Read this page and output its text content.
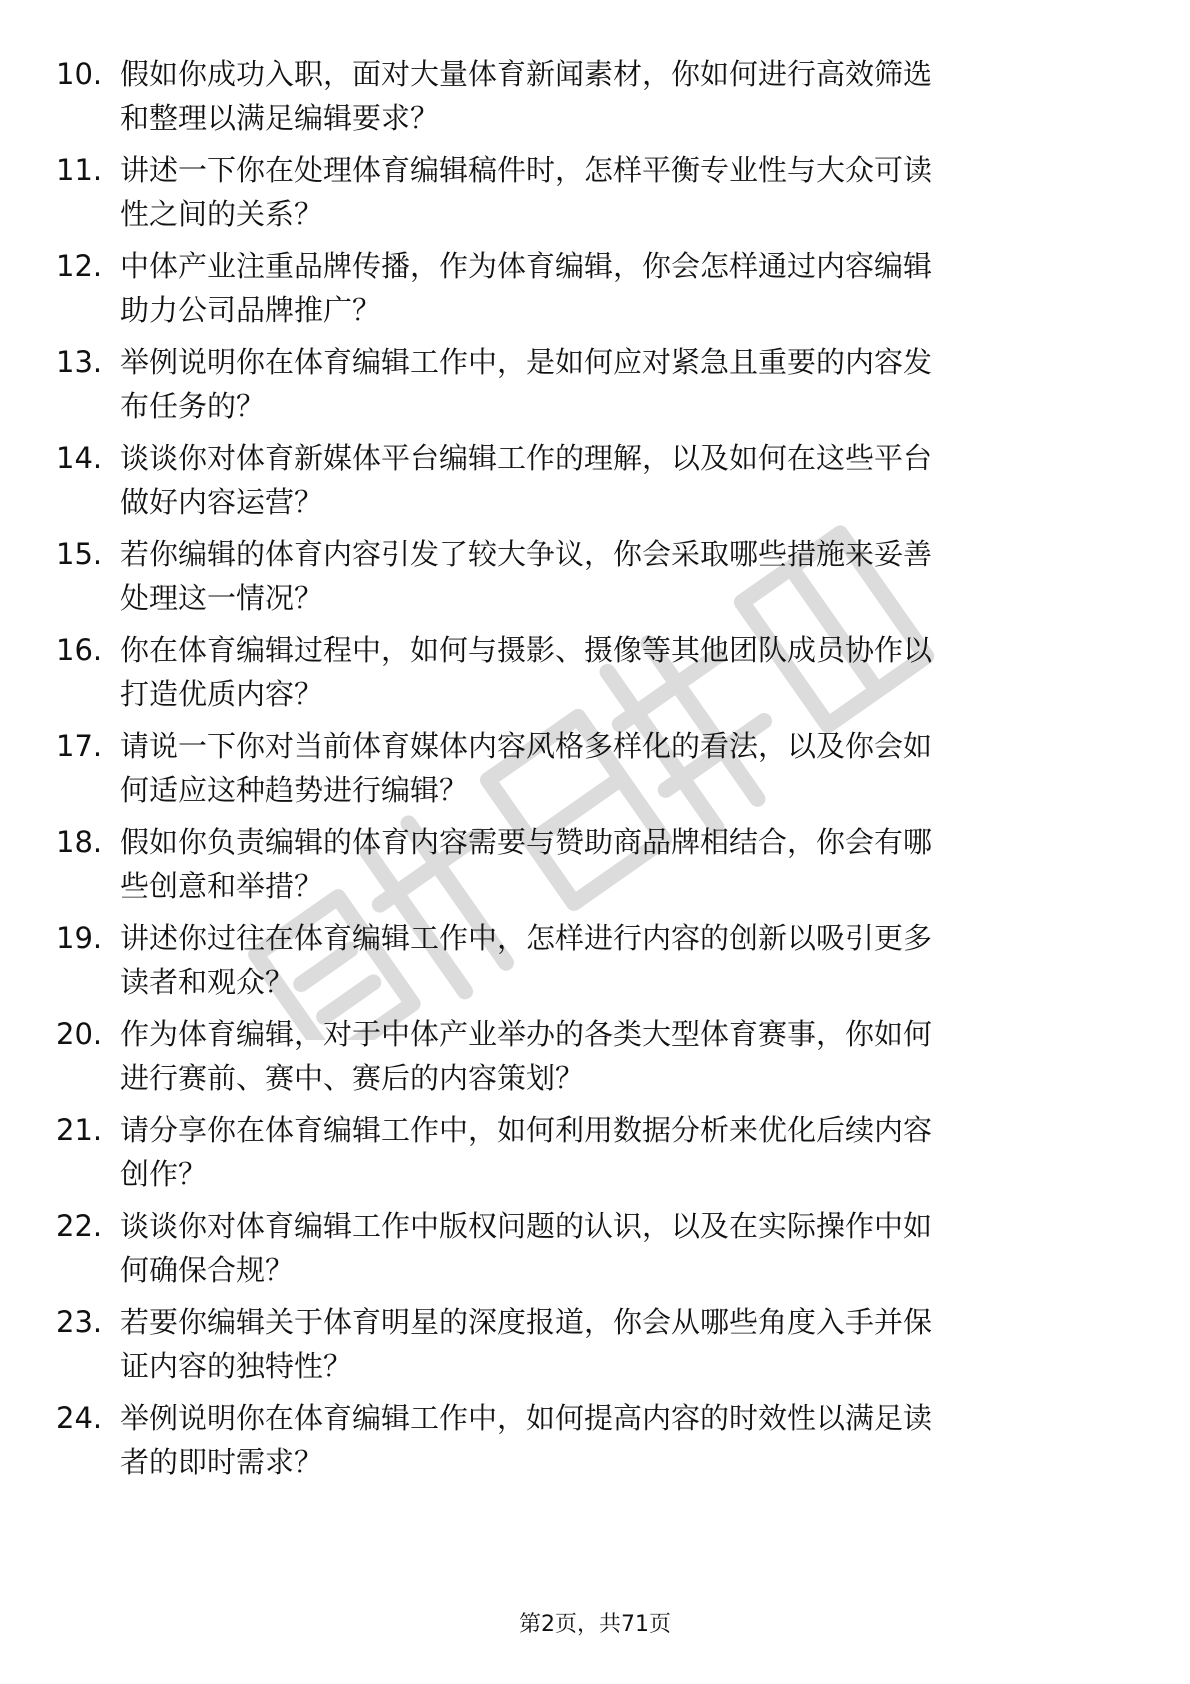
10. 假如你成功入职，面对大量体育新闻素材，你如何进行高效筛选
和整理以满足编辑要求？
11. 讲述一下你在处理体育编辑稿件时，怎样平衡专业性与大众可读
性之间的关系？
12. 中体产业注重品牌传播，作为体育编辑，你会怎样通过内容编辑
助力公司品牌推广？
13. 举例说明你在体育编辑工作中，是如何应对紧急且重要的内容发
布任务的？
14. 谈谈你对体育新媒体平台编辑工作的理解，以及如何在这些平台
做好内容运营？
15. 若你编辑的体育内容引发了较大争议，你会采取哪些措施来妥善
处理这一情况？
16. 你在体育编辑过程中，如何与摄影、摄像等其他团队成员协作以
打造优质内容？
17. 请说一下你对当前体育媒体内容风格多样化的看法，以及你会如
何适应这种趋势进行编辑？
18. 假如你负责编辑的体育内容需要与赞助商品牌相结合，你会有哪
些创意和举措？
19. 讲述你过往在体育编辑工作中，怎样进行内容的创新以吸引更多
读者和观众？
20. 作为体育编辑，对于中体产业举办的各类大型体育赛事，你如何
进行赛前、赛中、赛后的内容策划？
21. 请分享你在体育编辑工作中，如何利用数据分析来优化后续内容
创作？
22. 谈谈你对体育编辑工作中版权问题的认识，以及在实际操作中如
何确保合规？
23. 若要你编辑关于体育明星的深度报道，你会从哪些角度入手并保
证内容的独特性？
24. 举例说明你在体育编辑工作中，如何提高内容的时效性以满足读
者的即时需求？
第2页，共71页
